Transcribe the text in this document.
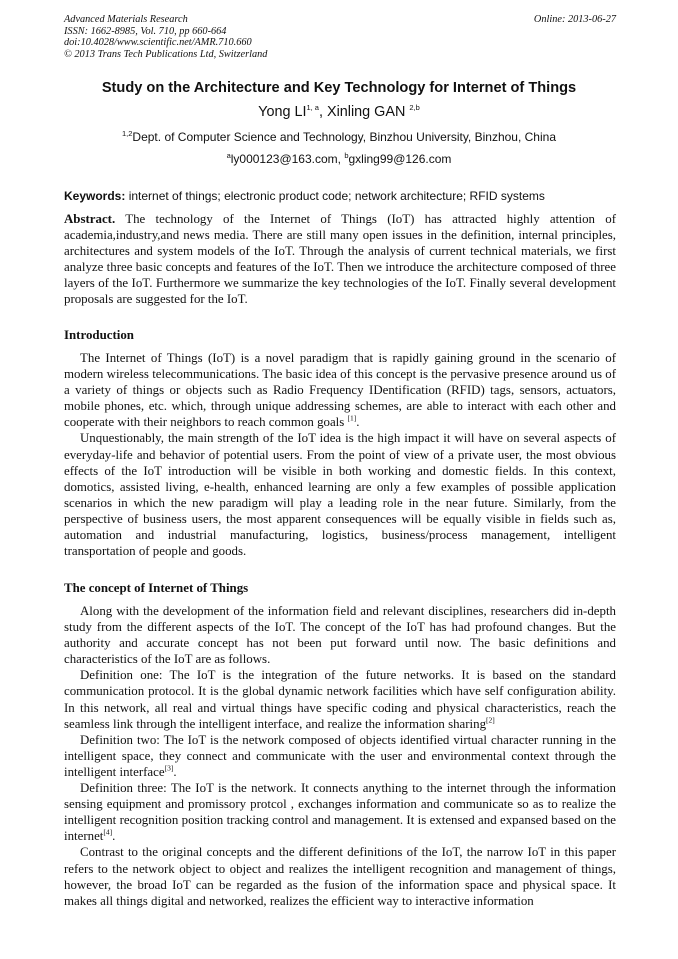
Advanced Materials Research
ISSN: 1662-8985, Vol. 710, pp 660-664
doi:10.4028/www.scientific.net/AMR.710.660
© 2013 Trans Tech Publications Ltd, Switzerland
Online: 2013-06-27
Study on the Architecture and Key Technology for Internet of Things
Yong LI$^{1, a}$, Xinling GAN $^{2,b}$
$^{1,2}$Dept. of Computer Science and Technology, Binzhou University, Binzhou, China
$^a$ly000123@163.com, $^b$gxling99@126.com
Keywords: internet of things; electronic product code; network architecture; RFID systems
Abstract. The technology of the Internet of Things (IoT) has attracted highly attention of academia,industry,and news media. There are still many open issues in the definition, internal principles, architectures and system models of the IoT. Through the analysis of current technical materials, we first analyze three basic concepts and features of the IoT. Then we introduce the architecture composed of three layers of the IoT. Furthermore we summarize the key technologies of the IoT. Finally several development proposals are suggested for the IoT.
Introduction

The Internet of Things (IoT) is a novel paradigm that is rapidly gaining ground in the scenario of modern wireless telecommunications. The basic idea of this concept is the pervasive presence around us of a variety of things or objects such as Radio Frequency IDentification (RFID) tags, sensors, actuators, mobile phones, etc. which, through unique addressing schemes, are able to interact with each other and cooperate with their neighbors to reach common goals [1].

Unquestionably, the main strength of the IoT idea is the high impact it will have on several aspects of everyday-life and behavior of potential users. From the point of view of a private user, the most obvious effects of the IoT introduction will be visible in both working and domestic fields. In this context, domotics, assisted living, e-health, enhanced learning are only a few examples of possible application scenarios in which the new paradigm will play a leading role in the near future. Similarly, from the perspective of business users, the most apparent consequences will be equally visible in fields such as, automation and industrial manufacturing, logistics, business/process management, intelligent transportation of people and goods.

The concept of Internet of Things

Along with the development of the information field and relevant disciplines, researchers did in-depth study from the different aspects of the IoT. The concept of the IoT has had profound changes. But the authority and accurate concept has not been put forward until now. The basic definitions and characteristics of the IoT are as follows.

Definition one: The IoT is the integration of the future networks. It is based on the standard communication protocol. It is the global dynamic network facilities which have self configuration ability. In this network, all real and virtual things have specific coding and physical characteristics, reach the seamless link through the intelligent interface, and realize the information sharing[2]

Definition two: The IoT is the network composed of objects identified virtual character running in the intelligent space, they connect and communicate with the user and environmental context through the intelligent interface[3].

Definition three: The IoT is the network. It connects anything to the internet through the information sensing equipment and promissory protcol , exchanges information and communicate so as to realize the intelligent recognition position tracking control and management. It is extensed and expansed based on the internet[4].

Contrast to the original concepts and the different definitions of the IoT, the narrow IoT in this paper refers to the network object to object and realizes the intelligent recognition and management of things, however, the broad IoT can be regarded as the fusion of the information space and physical space. It makes all things digital and networked, realizes the efficient way to interactive information
